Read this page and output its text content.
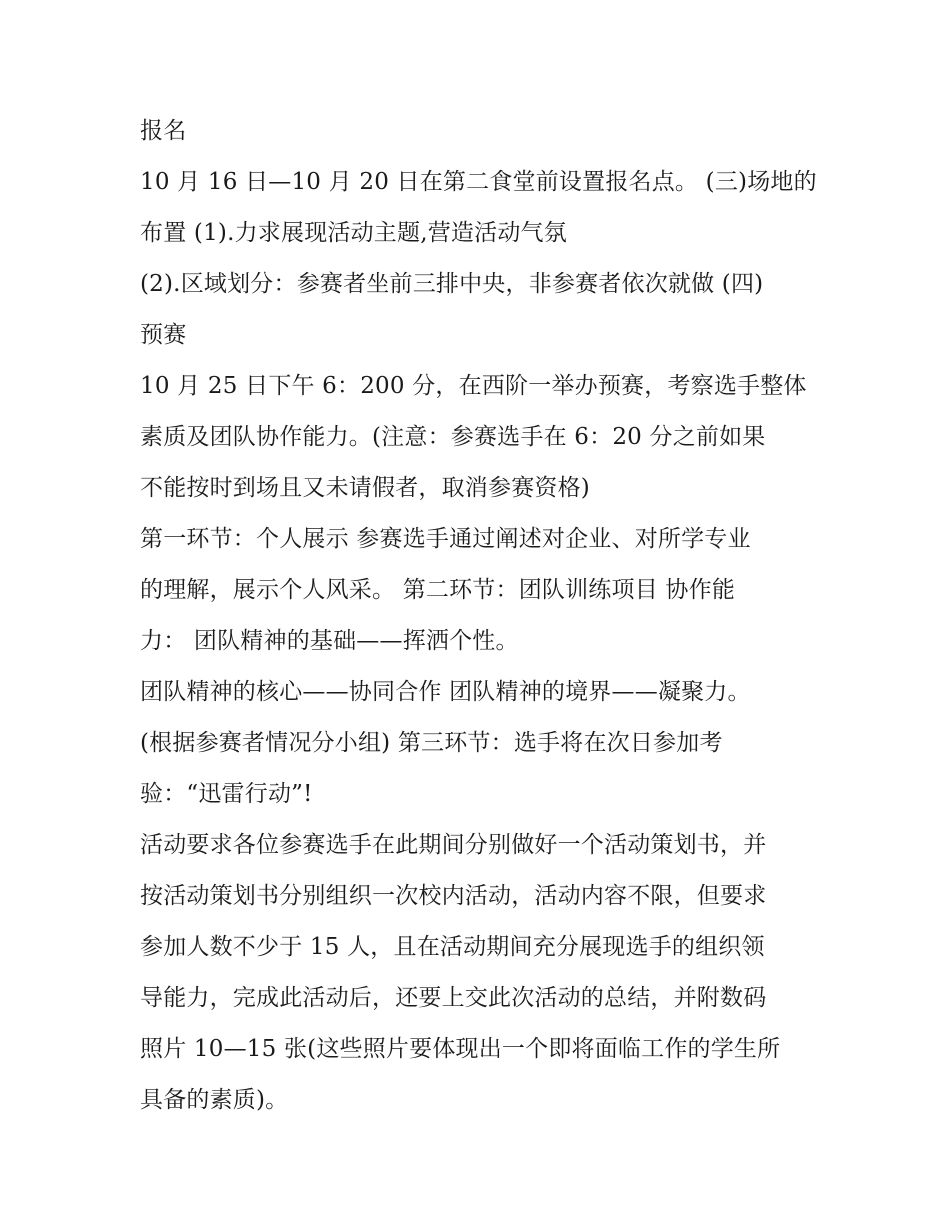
报名
10 月 16 日—10 月 20 日在第二食堂前设置报名点。 (三)场地的
布置 (1).力求展现活动主题,营造活动气氛
(2).区域划分：参赛者坐前三排中央，非参赛者依次就做 (四)
预赛
10 月 25 日下午 6：200 分，在西阶一举办预赛，考察选手整体
素质及团队协作能力。(注意：参赛选手在 6：20 分之前如果
不能按时到场且又未请假者，取消参赛资格)
第一环节：个人展示 参赛选手通过阐述对企业、对所学专业
的理解，展示个人风采。 第二环节：团队训练项目 协作能
力： 团队精神的基础——挥洒个性。
团队精神的核心——协同合作 团队精神的境界——凝聚力。
(根据参赛者情况分小组) 第三环节：选手将在次日参加考
验：“迅雷行动”!
活动要求各位参赛选手在此期间分别做好一个活动策划书，并
按活动策划书分别组织一次校内活动，活动内容不限，但要求
参加人数不少于 15 人，且在活动期间充分展现选手的组织领
导能力，完成此活动后，还要上交此次活动的总结，并附数码
照片 10—15 张(这些照片要体现出一个即将面临工作的学生所
具备的素质)。
